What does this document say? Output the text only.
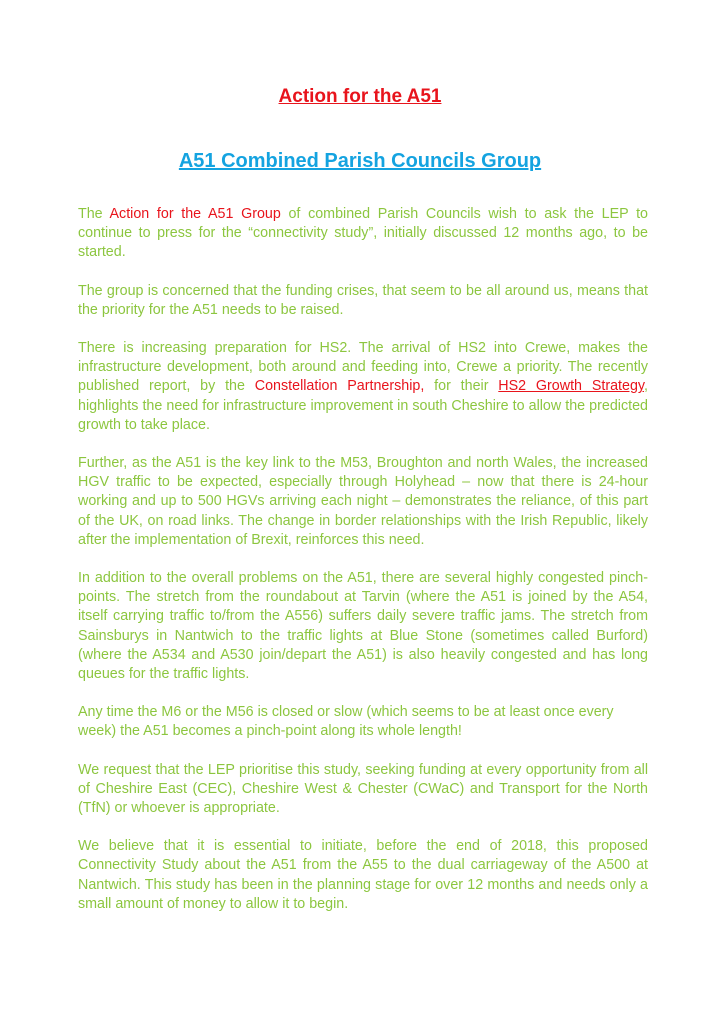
Action for the A51
A51 Combined Parish Councils Group

The Action for the A51 Group of combined Parish Councils wish to ask the LEP to continue to press for the “connectivity study”, initially discussed 12 months ago, to be started.

The group is concerned that the funding crises, that seem to be all around us, means that the priority for the A51 needs to be raised.

There is increasing preparation for HS2. The arrival of HS2 into Crewe, makes the infrastructure development, both around and feeding into, Crewe a priority. The recently published report, by the Constellation Partnership, for their HS2 Growth Strategy, highlights the need for infrastructure improvement in south Cheshire to allow the predicted growth to take place.

Further, as the A51 is the key link to the M53, Broughton and north Wales, the increased HGV traffic to be expected, especially through Holyhead – now that there is 24-hour working and up to 500 HGVs arriving each night – demonstrates the reliance, of this part of the UK, on road links. The change in border relationships with the Irish Republic, likely after the implementation of Brexit, reinforces this need.

In addition to the overall problems on the A51, there are several highly congested pinch-points. The stretch from the roundabout at Tarvin (where the A51 is joined by the A54, itself carrying traffic to/from the A556) suffers daily severe traffic jams. The stretch from Sainsburys in Nantwich to the traffic lights at Blue Stone (sometimes called Burford) (where the A534 and A530 join/depart the A51) is also heavily congested and has long queues for the traffic lights.

Any time the M6 or the M56 is closed or slow (which seems to be at least once every week) the A51 becomes a pinch-point along its whole length!

We request that the LEP prioritise this study, seeking funding at every opportunity from all of Cheshire East (CEC), Cheshire West & Chester (CWaC) and Transport for the North (TfN) or whoever is appropriate.

We believe that it is essential to initiate, before the end of 2018, this proposed Connectivity Study about the A51 from the A55 to the dual carriageway of the A500 at Nantwich. This study has been in the planning stage for over 12 months and needs only a small amount of money to allow it to begin.
